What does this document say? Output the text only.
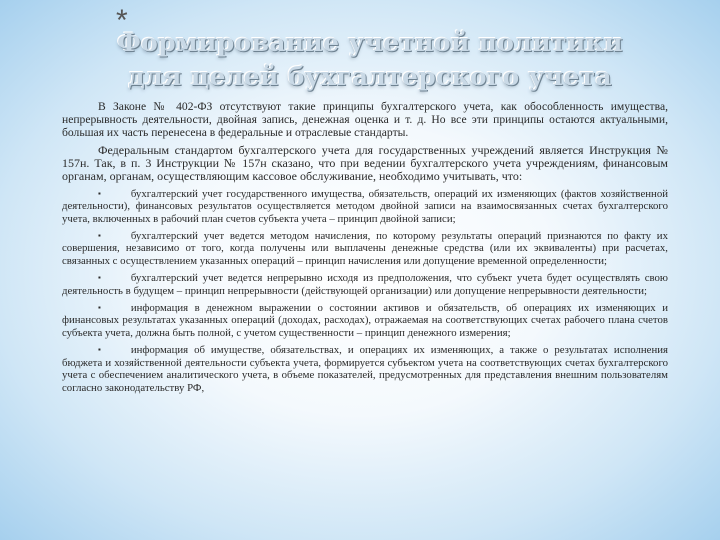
*
Формирование учетной политики для целей бухгалтерского учета

В Законе № 402-ФЗ отсутствуют такие принципы бухгалтерского учета, как обособленность имущества, непрерывность деятельности, двойная запись, денежная оценка и т. д. Но все эти принципы остаются актуальными, большая их часть перенесена в федеральные и отраслевые стандарты.

Федеральным стандартом бухгалтерского учета для государственных учреждений является Инструкция № 157н. Так, в п. 3 Инструкции № 157н сказано, что при ведении бухгалтерского учета учреждениям, финансовым органам, органам, осуществляющим кассовое обслуживание, необходимо учитывать, что:

▪	бухгалтерский учет государственного имущества, обязательств, операций их изменяющих (фактов хозяйственной деятельности), финансовых результатов осуществляется методом двойной записи на взаимосвязанных счетах бухгалтерского учета, включенных в рабочий план счетов субъекта учета – принцип двойной записи;
▪	бухгалтерский учет ведется методом начисления, по которому результаты операций признаются по факту их совершения, независимо от того, когда получены или выплачены денежные средства (или их эквиваленты) при расчетах, связанных с осуществлением указанных операций – принцип начисления или допущение временной определенности;
▪	бухгалтерский учет ведется непрерывно исходя из предположения, что субъект учета будет осуществлять свою деятельность в будущем – принцип непрерывности (действующей организации) или допущение непрерывности деятельности;
▪	информация в денежном выражении о состоянии активов и обязательств, об операциях их изменяющих и финансовых результатах указанных операций (доходах, расходах), отражаемая на соответствующих счетах рабочего плана счетов субъекта учета, должна быть полной, с учетом существенности – принцип денежного измерения;
▪	информация об имуществе, обязательствах, и операциях их изменяющих, а также о результатах исполнения бюджета и хозяйственной деятельности субъекта учета, формируется субъектом учета на соответствующих счетах бухгалтерского учета с обеспечением аналитического учета, в объеме показателей, предусмотренных для представления внешним пользователям согласно законодательству РФ,
